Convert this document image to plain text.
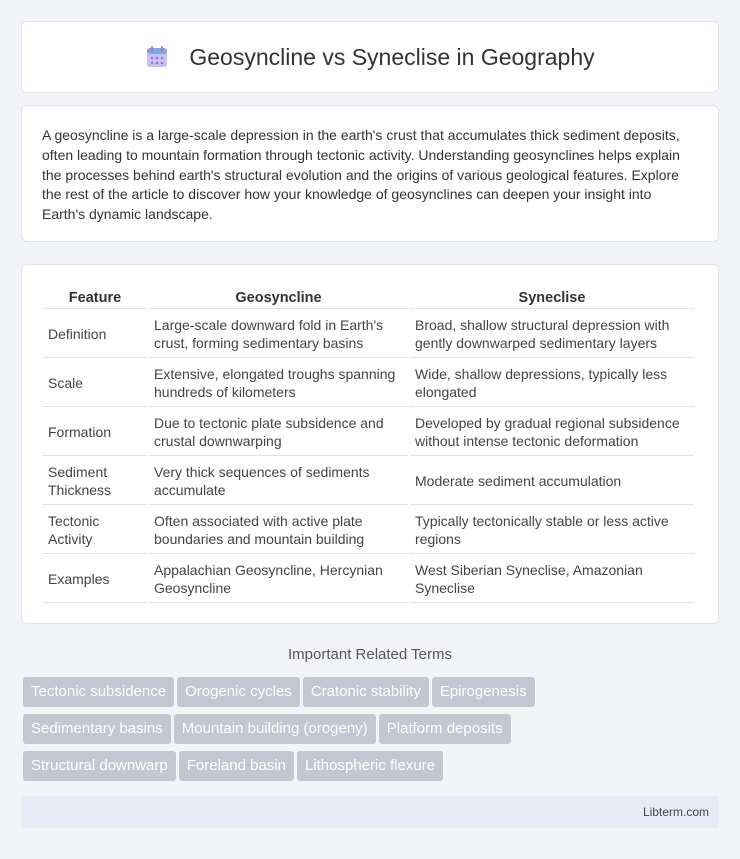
Geosyncline vs Syneclise in Geography

A geosyncline is a large-scale depression in the earth's crust that accumulates thick sediment deposits, often leading to mountain formation through tectonic activity. Understanding geosynclines helps explain the processes behind earth's structural evolution and the origins of various geological features. Explore the rest of the article to discover how your knowledge of geosynclines can deepen your insight into Earth's dynamic landscape.

Feature	Geosyncline	Syneclise
Definition	Large-scale downward fold in Earth's crust, forming sedimentary basins	Broad, shallow structural depression with gently downwarped sedimentary layers
Scale	Extensive, elongated troughs spanning hundreds of kilometers	Wide, shallow depressions, typically less elongated
Formation	Due to tectonic plate subsidence and crustal downwarping	Developed by gradual regional subsidence without intense tectonic deformation
Sediment Thickness	Very thick sequences of sediments accumulate	Moderate sediment accumulation
Tectonic Activity	Often associated with active plate boundaries and mountain building	Typically tectonically stable or less active regions
Examples	Appalachian Geosyncline, Hercynian Geosyncline	West Siberian Syneclise, Amazonian Syneclise
Important Related Terms
Tectonic subsidence Orogenic cycles Cratonic stability Epirogenesis
Sedimentary basins Mountain building (orogeny) Platform deposits
Structural downwarp Foreland basin Lithospheric flexure
Libterm.com
